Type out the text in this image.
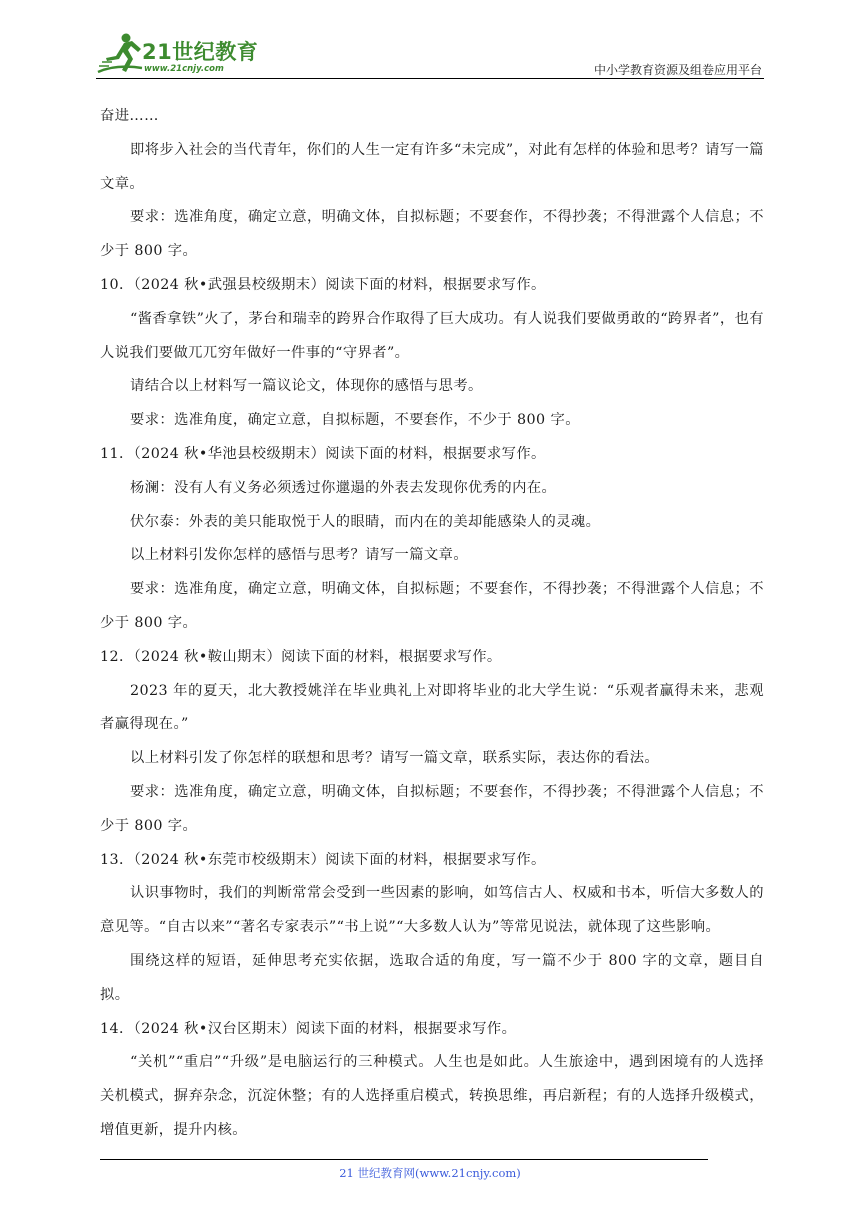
21世纪教育
www.21cnjy.com	中小学教育资源及组卷应用平台

奋进……

即将步入社会的当代青年，你们的人生一定有许多“未完成”，对此有怎样的体验和思考？请写一篇文章。

要求：选准角度，确定立意，明确文体，自拟标题；不要套作，不得抄袭；不得泄露个人信息；不少于 800 字。

10．（2024 秋•武强县校级期末）阅读下面的材料，根据要求写作。

“酱香拿铁”火了，茅台和瑞幸的跨界合作取得了巨大成功。有人说我们要做勇敢的“跨界者”，也有人说我们要做兀兀穷年做好一件事的“守界者”。

请结合以上材料写一篇议论文，体现你的感悟与思考。

要求：选准角度，确定立意，自拟标题，不要套作，不少于 800 字。

11．（2024 秋•华池县校级期末）阅读下面的材料，根据要求写作。

杨澜：没有人有义务必须透过你邋遢的外表去发现你优秀的内在。

伏尔泰：外表的美只能取悦于人的眼睛，而内在的美却能感染人的灵魂。

以上材料引发你怎样的感悟与思考？请写一篇文章。

要求：选准角度，确定立意，明确文体，自拟标题；不要套作，不得抄袭；不得泄露个人信息；不少于 800 字。

12．（2024 秋•鞍山期末）阅读下面的材料，根据要求写作。

2023 年的夏天，北大教授姚洋在毕业典礼上对即将毕业的北大学生说：“乐观者赢得未来，悲观者赢得现在。”

以上材料引发了你怎样的联想和思考？请写一篇文章，联系实际，表达你的看法。

要求：选准角度，确定立意，明确文体，自拟标题；不要套作，不得抄袭；不得泄露个人信息；不少于 800 字。

13．（2024 秋•东莞市校级期末）阅读下面的材料，根据要求写作。

认识事物时，我们的判断常常会受到一些因素的影响，如笃信古人、权威和书本，听信大多数人的意见等。“自古以来”“著名专家表示”“书上说”“大多数人认为”等常见说法，就体现了这些影响。

围绕这样的短语，延伸思考充实依据，选取合适的角度，写一篇不少于 800 字的文章，题目自拟。

14．（2024 秋•汉台区期末）阅读下面的材料，根据要求写作。

“关机”“重启”“升级”是电脑运行的三种模式。人生也是如此。人生旅途中，遇到困境有的人选择关机模式，摒弃杂念，沉淀休整；有的人选择重启模式，转换思维，再启新程；有的人选择升级模式，增值更新，提升内核。

21 世纪教育网(www.21cnjy.com)
